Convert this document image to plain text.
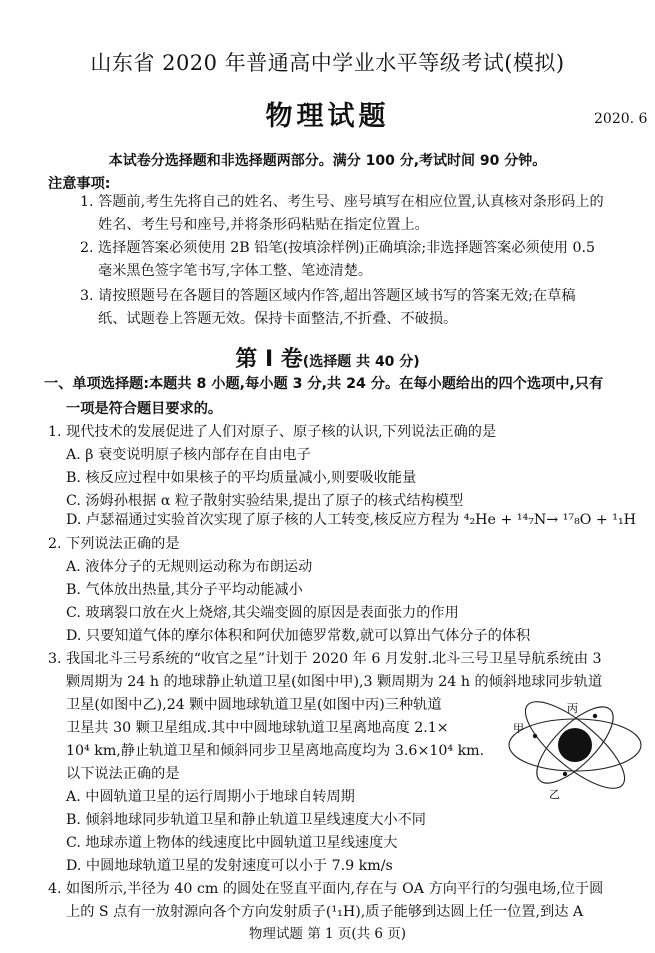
山东省 2020 年普通高中学业水平等级考试(模拟)
物理试题	2020. 6
本试卷分选择题和非选择题两部分。满分 100 分,考试时间 90 分钟。
注意事项:
1. 答题前,考生先将自己的姓名、考生号、座号填写在相应位置,认真核对条形码上的
姓名、考生号和座号,并将条形码粘贴在指定位置上。
2. 选择题答案必须使用 2B 铅笔(按填涂样例)正确填涂;非选择题答案必须使用 0.5
毫米黑色签字笔书写,字体工整、笔迹清楚。
3. 请按照题号在各题目的答题区域内作答,超出答题区域书写的答案无效;在草稿
纸、试题卷上答题无效。保持卡面整洁,不折叠、不破损。
第 I 卷(选择题 共 40 分)
一、单项选择题:本题共 8 小题,每小题 3 分,共 24 分。在每小题给出的四个选项中,只有
一项是符合题目要求的。
1. 现代技术的发展促进了人们对原子、原子核的认识,下列说法正确的是
A. β 衰变说明原子核内部存在自由电子
B. 核反应过程中如果核子的平均质量减小,则要吸收能量
C. 汤姆孙根据 α 粒子散射实验结果,提出了原子的核式结构模型
D. 卢瑟福通过实验首次实现了原子核的人工转变,核反应方程为 ⁴₂He + ¹⁴₇N→ ¹⁷₈O + ¹₁H
2. 下列说法正确的是
A. 液体分子的无规则运动称为布朗运动
B. 气体放出热量,其分子平均动能减小
C. 玻璃裂口放在火上烧熔,其尖端变圆的原因是表面张力的作用
D. 只要知道气体的摩尔体积和阿伏加德罗常数,就可以算出气体分子的体积
3. 我国北斗三号系统的“收官之星”计划于 2020 年 6 月发射.北斗三号卫星导航系统由 3
颗周期为 24 h 的地球静止轨道卫星(如图中甲),3 颗周期为 24 h 的倾斜地球同步轨道
卫星(如图中乙),24 颗中圆地球轨道卫星(如图中丙)三种轨道
卫星共 30 颗卫星组成.其中中圆地球轨道卫星离地高度 2.1×
10⁴ km,静止轨道卫星和倾斜同步卫星离地高度均为 3.6×10⁴ km.
以下说法正确的是
A. 中圆轨道卫星的运行周期小于地球自转周期
B. 倾斜地球同步轨道卫星和静止轨道卫星线速度大小不同
C. 地球赤道上物体的线速度比中圆轨道卫星线速度大
D. 中圆地球轨道卫星的发射速度可以小于 7.9 km/s
甲
乙
丙
4. 如图所示,半径为 40 cm 的圆处在竖直平面内,存在与 OA 方向平行的匀强电场,位于圆
上的 S 点有一放射源向各个方向发射质子(¹₁H),质子能够到达圆上任一位置,到达 A
物理试题 第 1 页(共 6 页)
